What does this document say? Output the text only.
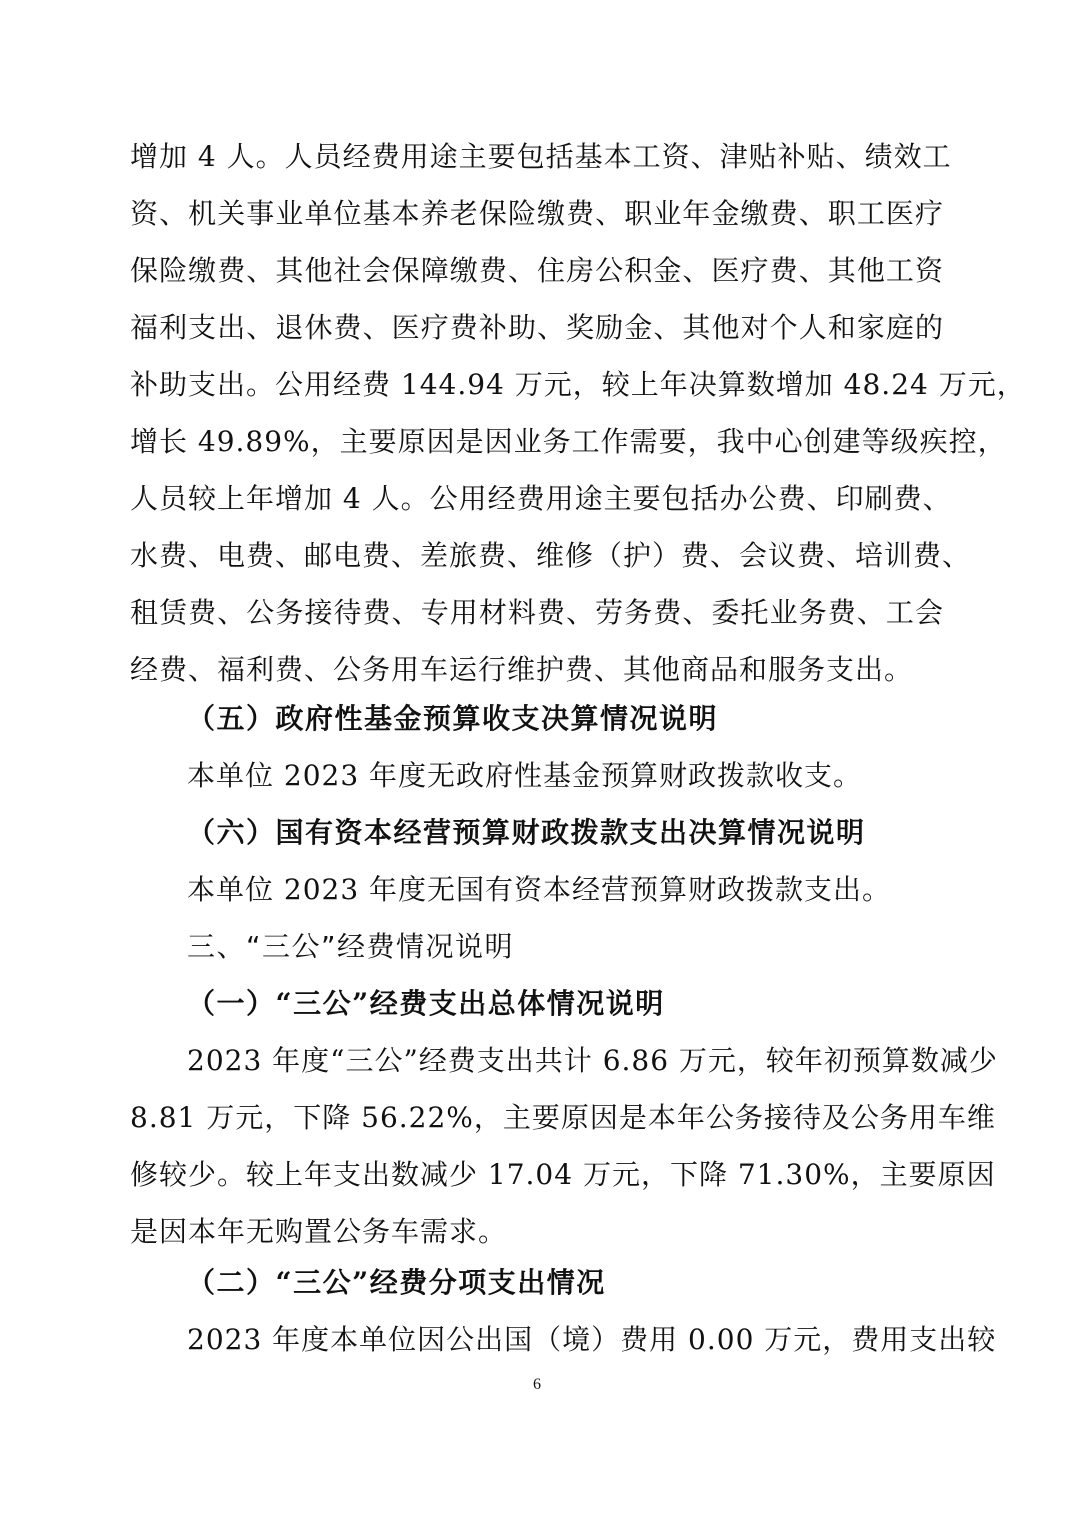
增加 4 人。人员经费用途主要包括基本工资、津贴补贴、绩效工
资、机关事业单位基本养老保险缴费、职业年金缴费、职工医疗
保险缴费、其他社会保障缴费、住房公积金、医疗费、其他工资
福利支出、退休费、医疗费补助、奖励金、其他对个人和家庭的
补助支出。公用经费 144.94 万元，较上年决算数增加 48.24 万元，
增长 49.89%，主要原因是因业务工作需要，我中心创建等级疾控，
人员较上年增加 4 人。公用经费用途主要包括办公费、印刷费、
水费、电费、邮电费、差旅费、维修（护）费、会议费、培训费、
租赁费、公务接待费、专用材料费、劳务费、委托业务费、工会
经费、福利费、公务用车运行维护费、其他商品和服务支出。
（五）政府性基金预算收支决算情况说明
本单位 2023 年度无政府性基金预算财政拨款收支。
（六）国有资本经营预算财政拨款支出决算情况说明
本单位 2023 年度无国有资本经营预算财政拨款支出。
三、“三公”经费情况说明
（一）“三公”经费支出总体情况说明
2023 年度“三公”经费支出共计 6.86 万元，较年初预算数减少
8.81 万元，下降 56.22%，主要原因是本年公务接待及公务用车维
修较少。较上年支出数减少 17.04 万元，下降 71.30%，主要原因
是因本年无购置公务车需求。
（二）“三公”经费分项支出情况
2023 年度本单位因公出国（境）费用 0.00 万元，费用支出较
6
